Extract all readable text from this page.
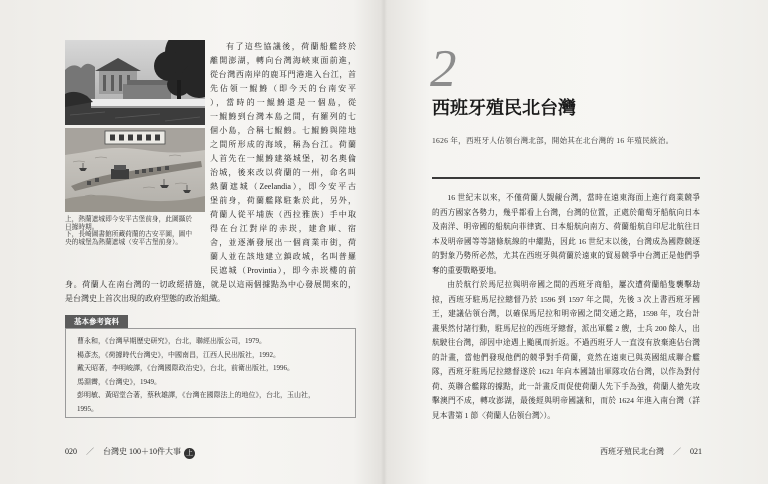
上，熱蘭遮城即今安平古堡前身，此圖攝於
日據時期。
下，長崎圖書館所藏荷蘭的古安平圖，圖中
央的城堡為熱蘭遮城（安平古堡前身）。
有了這些協議後，荷蘭船艦終於
離開澎湖，轉向台灣海峽東面前進，
從台灣西南岸的鹿耳門港進入台江，首
先佔領一鯤鯓（即今天的台南安平
），當時的一鯤鯓還是一個島，從
一鯤鯓到台灣本島之間，有羅列的七
個小島，合稱七鯤鯓。七鯤鯓與陸地
之間所形成的海域，稱為台江。荷蘭
人首先在一鯤鯓建築城堡，初名奧倫
治城，後來改以荷蘭的一州，命名叫
熱蘭遮城（Zeelandia），即今安平古
堡前身，荷蘭艦隊駐紮於此，另外，
荷蘭人從平埔族（西拉雅族）手中取
得在台江對岸的赤崁，建倉庫、宿
舍，並逐漸發展出一個商業市街，荷
蘭人並在該地建立鎮政城，名叫普羅
民遮城（Provintia），即今赤崁樓的前
身。荷蘭人在南台灣的一切政經措施，就是以這兩個據點為中心發展開來的，
是台灣史上首次出現的政府型態的政治組織。
基本參考資料
曹永和，《台灣早期歷史研究》，台北，聯經出版公司，1979。
楊彥杰，《荷據時代台灣史》，中國南昌，江西人民出版社，1992。
戴天昭著，李明峻譯，《台灣國際政治史》，台北，前衛出版社，1996。
馬淵霽，《台灣史》，1949。
彭明敏、黃昭堂合著，蔡秋雄譯，《台灣在國際法上的地位》，台北，玉山社，
1995。
020 ／ 台灣史 100＋10件大事 上
2
西班牙殖民北台灣
1626 年，西班牙人佔領台灣北部，開始其在北台灣的 16 年殖民統治。
16 世紀末以來，不僅荷蘭人覬覦台灣，當時在遠東海面上進行商業競爭
的西方國家各勢力，幾乎都看上台灣，台灣的位置，正處於葡萄牙船航向日本
及南洋、明帝國的船航向菲律賓、日本船航向南方、荷蘭船航自印尼北航往日
本及明帝國等等諸條航線的中繼點，因此 16 世紀末以後，台灣成為國際競逐
的對象乃勢所必然，尤其在西班牙與荷蘭於遠東的貿易競爭中台灣正是他們爭
奪的重要戰略要地。
由於航行於馬尼拉與明帝國之間的西班牙商船，屢次遭荷蘭船隻襲擊劫
掠，西班牙駐馬尼拉總督乃於 1596 到 1597 年之間，先後 3 次上書西班牙國
王，建議佔領台灣，以確保馬尼拉和明帝國之間交通之路，1598 年，攻台計
畫果然付諸行動，駐馬尼拉的西班牙總督，派出軍艦 2 艘，士兵 200 餘人，出
航駛往台灣，卻因中途遇上颱風而折返。不過西班牙人一直沒有放棄進佔台灣
的計畫，當他們發現他們的競爭對手荷蘭，竟然在遠東已與英國組成聯合艦
隊，西班牙駐馬尼拉總督遂於 1621 年向本國請出軍隊攻佔台灣，以作為對付
荷、英聯合艦隊的據點，此一計畫反而促使荷蘭人先下手為強，荷蘭人搶先攻
擊澳門不成，轉攻澎湖，最後經與明帝國議和，而於 1624 年進入南台灣（詳
見本書第 1 節〈荷蘭人佔領台灣〉）。
西班牙殖民北台灣 ／ 021
